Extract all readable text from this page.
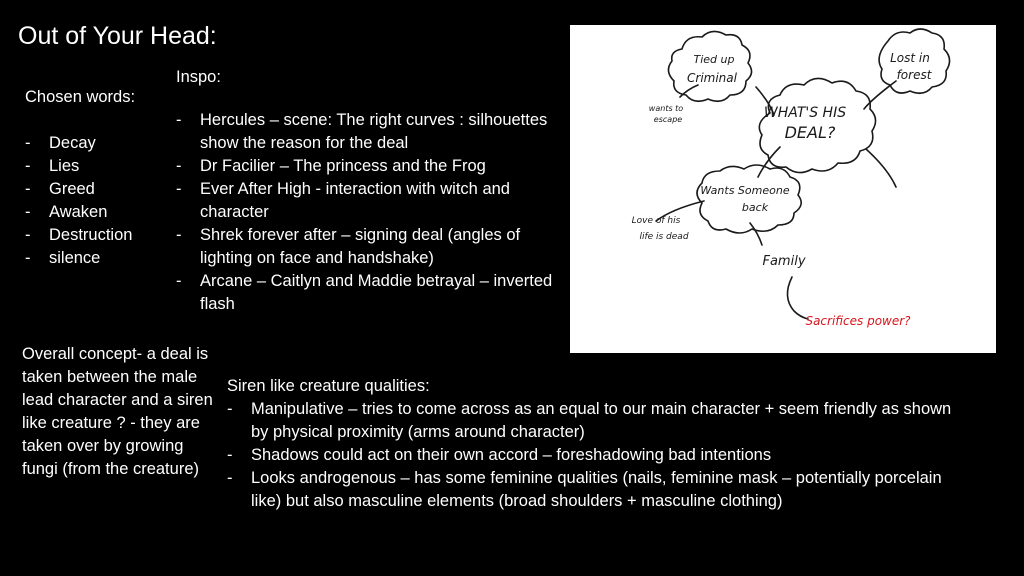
Out of Your Head:
Chosen words:
- Decay
- Lies
- Greed
- Awaken
- Destruction
- silence
Inspo:
- Hercules – scene: The right curves : silhouettes show the reason for the deal
- Dr Facilier – The princess and the Frog
- Ever After High - interaction with witch and character
- Shrek forever after – signing deal (angles of lighting on face and handshake)
- Arcane – Caitlyn and Maddie betrayal – inverted flash
Overall concept- a deal is taken between the male lead character and a siren like creature ? - they are taken over by growing fungi (from the creature)
Siren like creature qualities:
- Manipulative – tries to come across as an equal to our main character + seem friendly as shown by physical proximity (arms around character)
- Shadows could act on their own accord – foreshadowing bad intentions
- Looks androgenous – has some feminine qualities (nails, feminine mask – potentially porcelain like) but also masculine elements (broad shoulders + masculine clothing)
WHAT'S HIS
DEAL?
Tied up
Criminal
wants to
escape
Lost in
forest
Wants Someone
back
Love of his
life is dead
Family
Sacrifices power?
